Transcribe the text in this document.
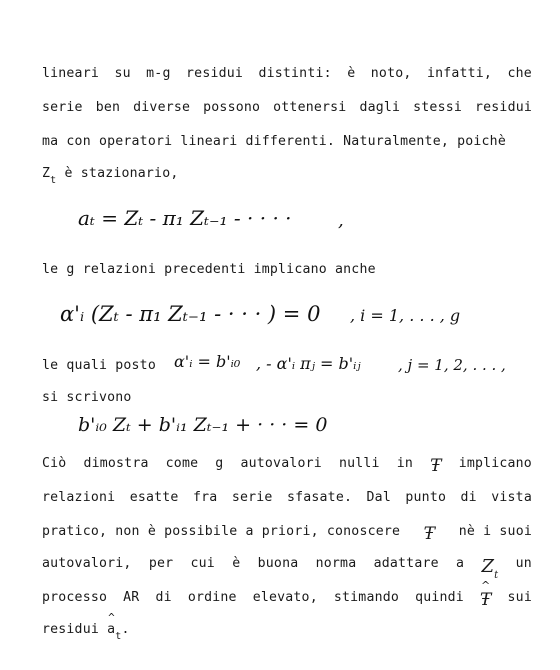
lineari su m-g residui distinti: è noto, infatti, che
serie ben diverse possono ottenersi dagli stessi residui
ma con operatori lineari differenti. Naturalmente, poichè
$Z_t$ è stazionario,
aₜ = Zₜ - π₁ Zₜ₋₁ - · · · ·	,
le g relazioni precedenti implicano anche
α'ᵢ (Zₜ - π₁ Zₜ₋₁ - · · · ) = 0 , i = 1, . . . , g
le quali posto	α'ᵢ = b'ᵢ₀ , - α'ᵢ πⱼ = b'ᵢⱼ , j = 1, 2, . . . ,
si scrivono
b'ᵢ₀ Zₜ + b'ᵢ₁ Zₜ₋₁ + · · · = 0
Ciò dimostra come g autovalori nulli in Ŧ implicano
relazioni esatte fra serie sfasate. Dal punto di vista
pratico, non è possibile a priori, conoscere Ŧ nè i suoi
autovalori, per cui è buona norma adattare a $Z_t$
un
processo AR di ordine elevato, stimando quindi ^ Ŧ sui
residui ^ $a_t$.
